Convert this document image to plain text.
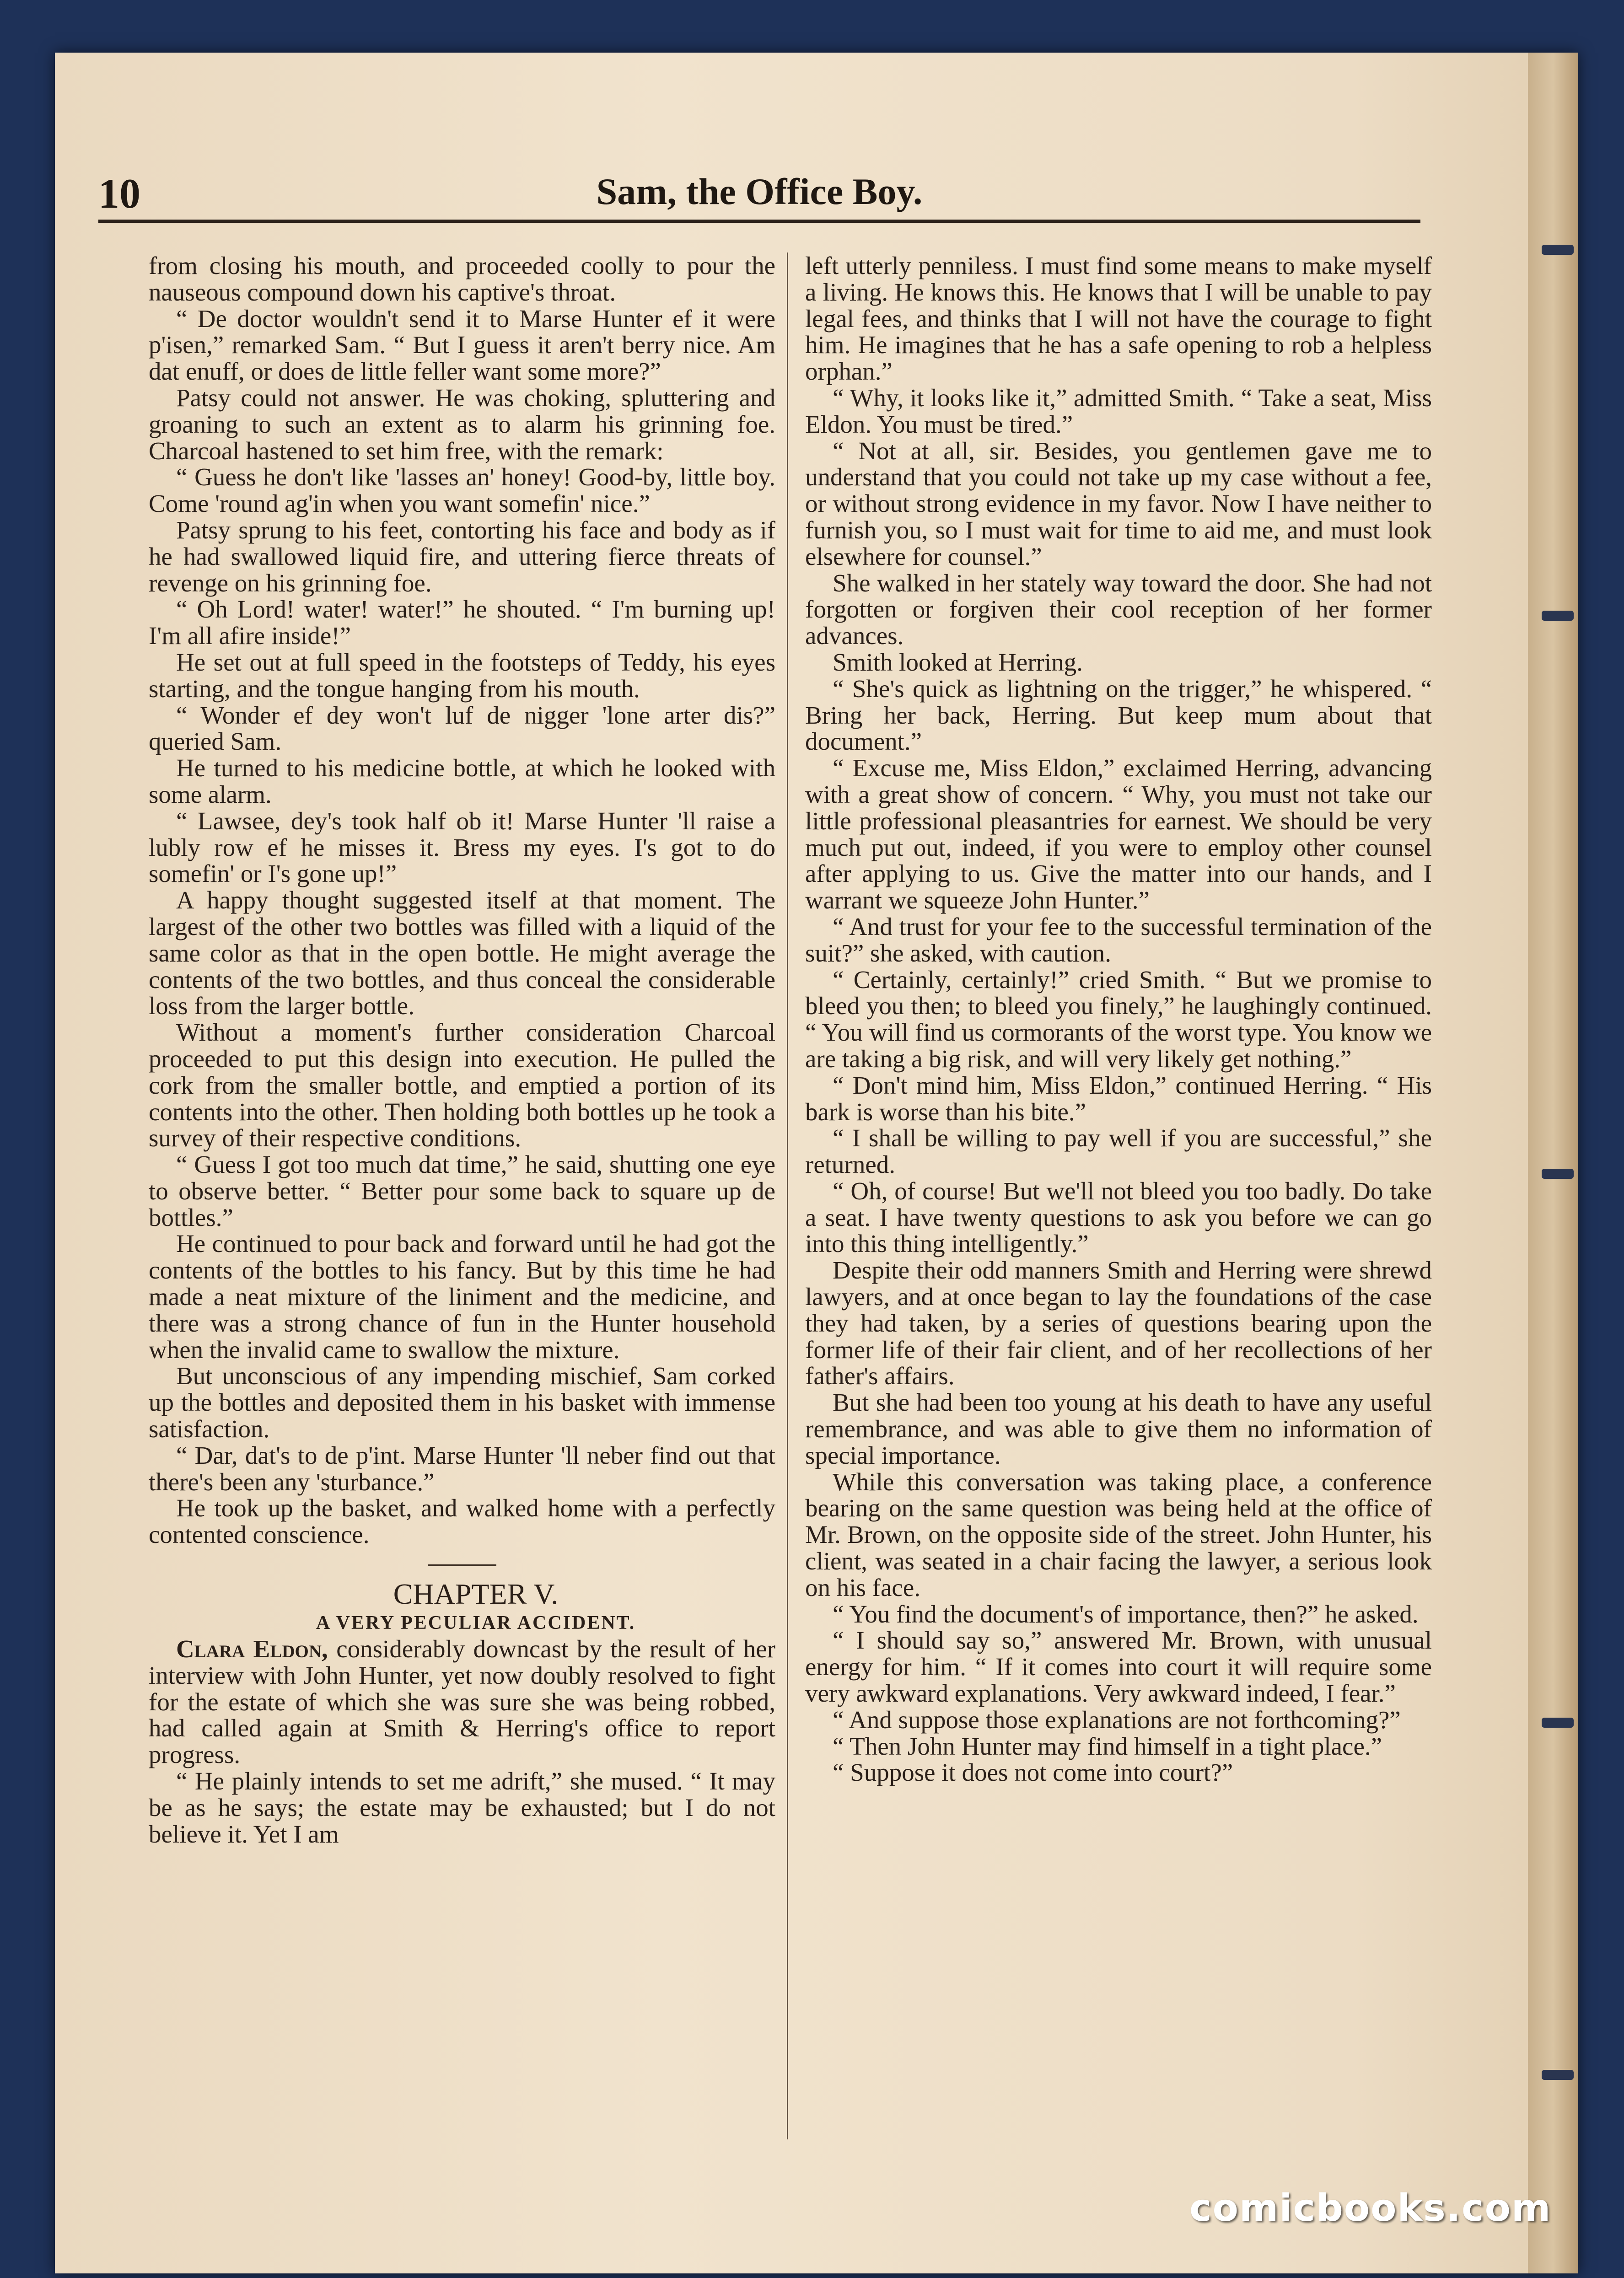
10	Sam, the Office Boy.

from closing his mouth, and proceeded coolly to pour the nauseous compound down his captive's throat.

“ De doctor wouldn't send it to Marse Hunter ef it were p'isen,” remarked Sam. “ But I guess it aren't berry nice. Am dat enuff, or does de little feller want some more?”

Patsy could not answer. He was choking, spluttering and groaning to such an extent as to alarm his grinning foe. Charcoal hastened to set him free, with the remark:

“ Guess he don't like 'lasses an' honey! Good-by, little boy. Come 'round ag'in when you want somefin' nice.”

Patsy sprung to his feet, contorting his face and body as if he had swallowed liquid fire, and uttering fierce threats of revenge on his grinning foe.

“ Oh Lord! water! water!” he shouted. “ I'm burning up! I'm all afire inside!”

He set out at full speed in the footsteps of Teddy, his eyes starting, and the tongue hanging from his mouth.

“ Wonder ef dey won't luf de nigger 'lone arter dis?” queried Sam.

He turned to his medicine bottle, at which he looked with some alarm.

“ Lawsee, dey's took half ob it! Marse Hunter 'll raise a lubly row ef he misses it. Bress my eyes. I's got to do somefin' or I's gone up!”

A happy thought suggested itself at that moment. The largest of the other two bottles was filled with a liquid of the same color as that in the open bottle. He might average the contents of the two bottles, and thus conceal the considerable loss from the larger bottle.

Without a moment's further consideration Charcoal proceeded to put this design into execution. He pulled the cork from the smaller bottle, and emptied a portion of its contents into the other. Then holding both bottles up he took a survey of their respective conditions.

“ Guess I got too much dat time,” he said, shutting one eye to observe better. “ Better pour some back to square up de bottles.”

He continued to pour back and forward until he had got the contents of the bottles to his fancy. But by this time he had made a neat mixture of the liniment and the medicine, and there was a strong chance of fun in the Hunter household when the invalid came to swallow the mixture.

But unconscious of any impending mischief, Sam corked up the bottles and deposited them in his basket with immense satisfaction.

“ Dar, dat's to de p'int. Marse Hunter 'll neber find out that there's been any 'sturbance.”

He took up the basket, and walked home with a perfectly contented conscience.

CHAPTER V.

A VERY PECULIAR ACCIDENT.

Clara Eldon, considerably downcast by the result of her interview with John Hunter, yet now doubly resolved to fight for the estate of which she was sure she was being robbed, had called again at Smith & Herring's office to report progress.

“ He plainly intends to set me adrift,” she mused. “ It may be as he says; the estate may be exhausted; but I do not believe it. Yet I am

left utterly penniless. I must find some means to make myself a living. He knows this. He knows that I will be unable to pay legal fees, and thinks that I will not have the courage to fight him. He imagines that he has a safe opening to rob a helpless orphan.”

“ Why, it looks like it,” admitted Smith. “ Take a seat, Miss Eldon. You must be tired.”

“ Not at all, sir. Besides, you gentlemen gave me to understand that you could not take up my case without a fee, or without strong evidence in my favor. Now I have neither to furnish you, so I must wait for time to aid me, and must look elsewhere for counsel.”

She walked in her stately way toward the door. She had not forgotten or forgiven their cool reception of her former advances.

Smith looked at Herring.

“ She's quick as lightning on the trigger,” he whispered. “ Bring her back, Herring. But keep mum about that document.”

“ Excuse me, Miss Eldon,” exclaimed Herring, advancing with a great show of concern. “ Why, you must not take our little professional pleasantries for earnest. We should be very much put out, indeed, if you were to employ other counsel after applying to us. Give the matter into our hands, and I warrant we squeeze John Hunter.”

“ And trust for your fee to the successful termination of the suit?” she asked, with caution.

“ Certainly, certainly!” cried Smith. “ But we promise to bleed you then; to bleed you finely,” he laughingly continued. “ You will find us cormorants of the worst type. You know we are taking a big risk, and will very likely get nothing.”

“ Don't mind him, Miss Eldon,” continued Herring. “ His bark is worse than his bite.”

“ I shall be willing to pay well if you are successful,” she returned.

“ Oh, of course! But we'll not bleed you too badly. Do take a seat. I have twenty questions to ask you before we can go into this thing intelligently.”

Despite their odd manners Smith and Herring were shrewd lawyers, and at once began to lay the foundations of the case they had taken, by a series of questions bearing upon the former life of their fair client, and of her recollections of her father's affairs.

But she had been too young at his death to have any useful remembrance, and was able to give them no information of special importance.

While this conversation was taking place, a conference bearing on the same question was being held at the office of Mr. Brown, on the opposite side of the street. John Hunter, his client, was seated in a chair facing the lawyer, a serious look on his face.

“ You find the document's of importance, then?” he asked.

“ I should say so,” answered Mr. Brown, with unusual energy for him. “ If it comes into court it will require some very awkward explanations. Very awkward indeed, I fear.”

“ And suppose those explanations are not forthcoming?”

“ Then John Hunter may find himself in a tight place.”

“ Suppose it does not come into court?”

comicbooks.com
